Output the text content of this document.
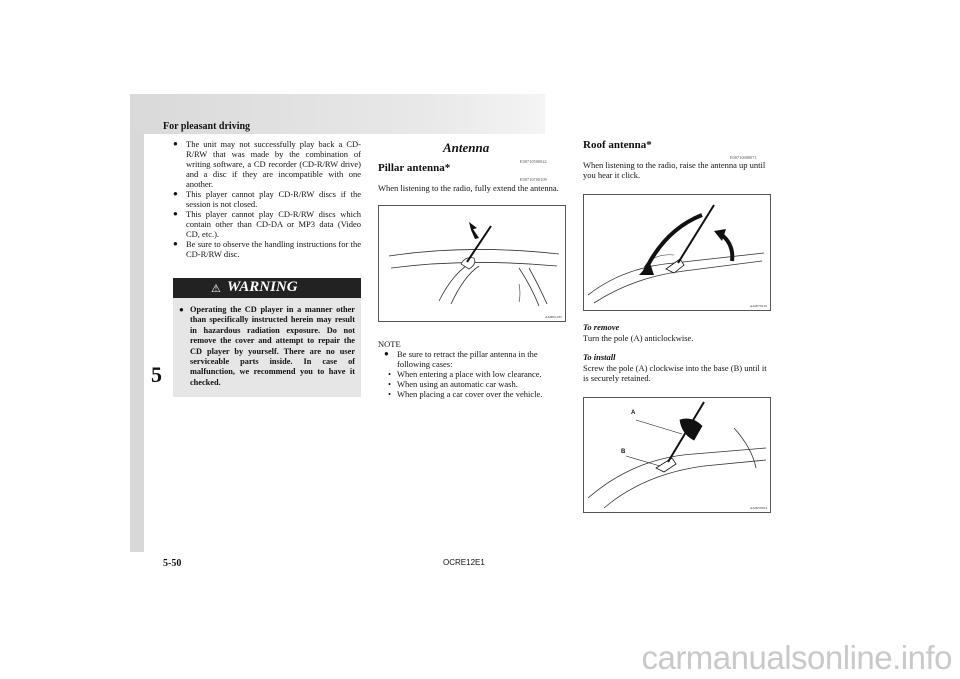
For pleasant driving
5

● The unit may not successfully play back a CD-R/RW that was made by the combination of writing software, a CD recorder (CD-R/RW drive) and a disc if they are incompatible with one another.

● This player cannot play CD-R/RW discs if the session is not closed.

● This player cannot play CD-R/RW discs which contain other than CD-DA or MP3 data (Video CD, etc.).

● Be sure to observe the handling instructions for the CD-R/RW disc.

⚠ WARNING

● Operating the CD player in a manner other than specifically instructed herein may result in hazardous radiation exposure. Do not remove the cover and attempt to repair the CD player by yourself. There are no user serviceable parts inside. In case of malfunction, we recommend you to have it checked.

Antenna
E00710500022
Pillar antenna*
E00710700109
When listening to the radio, fully extend the antenna.
AA0001435
NOTE
● Be sure to retract the pillar antenna in the following cases:
• When entering a place with low clearance.
• When using an automatic car wash.
• When placing a car cover over the vehicle.
Roof antenna*
E00710000071
When listening to the radio, raise the antenna up until you hear it click.
AA0079129
To remove
Turn the pole (A) anticlockwise.
To install
Screw the pole (A) clockwise into the base (B) until it is securely retained.
A
B
AA0050654
5-50	OCRE12E1
carmanualsonline.info
